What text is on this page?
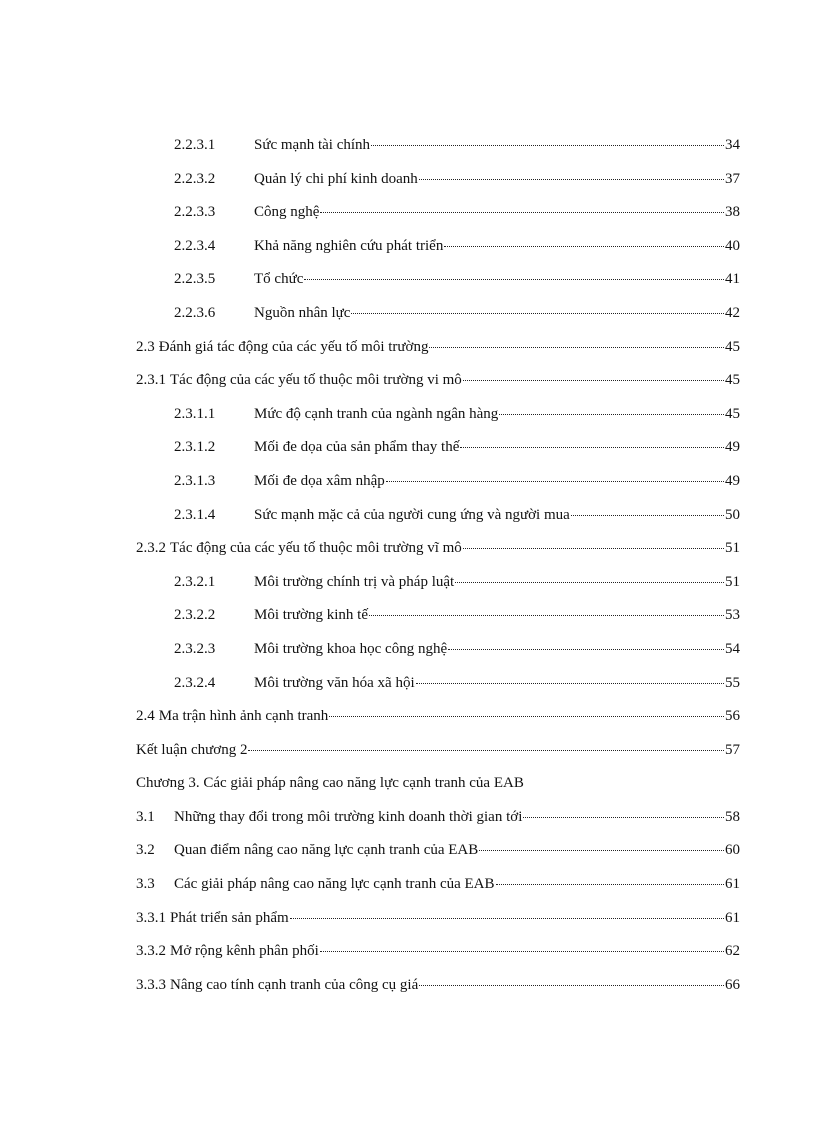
2.2.3.1	Sức mạnh tài chính	34
2.2.3.2	Quản lý chi phí kinh doanh	37
2.2.3.3	Công nghệ	38
2.2.3.4	Khả năng nghiên cứu phát triển	40
2.2.3.5	Tổ chức	41
2.2.3.6	Nguồn nhân lực	42
2.3 Đánh giá tác động của các yếu tố môi trường	45
2.3.1 Tác động của các yếu tố thuộc môi trường vi mô	45
2.3.1.1	Mức độ cạnh tranh của ngành ngân hàng	45
2.3.1.2	Mối đe dọa của sản phẩm thay thế	49
2.3.1.3	Mối đe dọa xâm nhập	49
2.3.1.4	Sức mạnh mặc cả của người cung ứng và người mua	50
2.3.2 Tác động của các yếu tố thuộc môi trường vĩ mô	51
2.3.2.1	Môi trường chính trị và pháp luật	51
2.3.2.2	Môi trường kinh tế	53
2.3.2.3	Môi trường khoa học công nghệ	54
2.3.2.4	Môi trường văn hóa xã hội	55
2.4 Ma trận hình ảnh cạnh tranh	56
Kết luận chương 2	57
Chương 3. Các giải pháp nâng cao năng lực cạnh tranh của EAB
3.1	Những thay đổi trong môi trường kinh doanh thời gian tới	58
3.2	Quan điểm nâng cao năng lực cạnh tranh của EAB	60
3.3	Các giải pháp nâng cao năng lực cạnh tranh của EAB	61
3.3.1 Phát triển sản phẩm	61
3.3.2 Mở rộng kênh phân phối	62
3.3.3 Nâng cao tính cạnh tranh của công cụ giá	66
